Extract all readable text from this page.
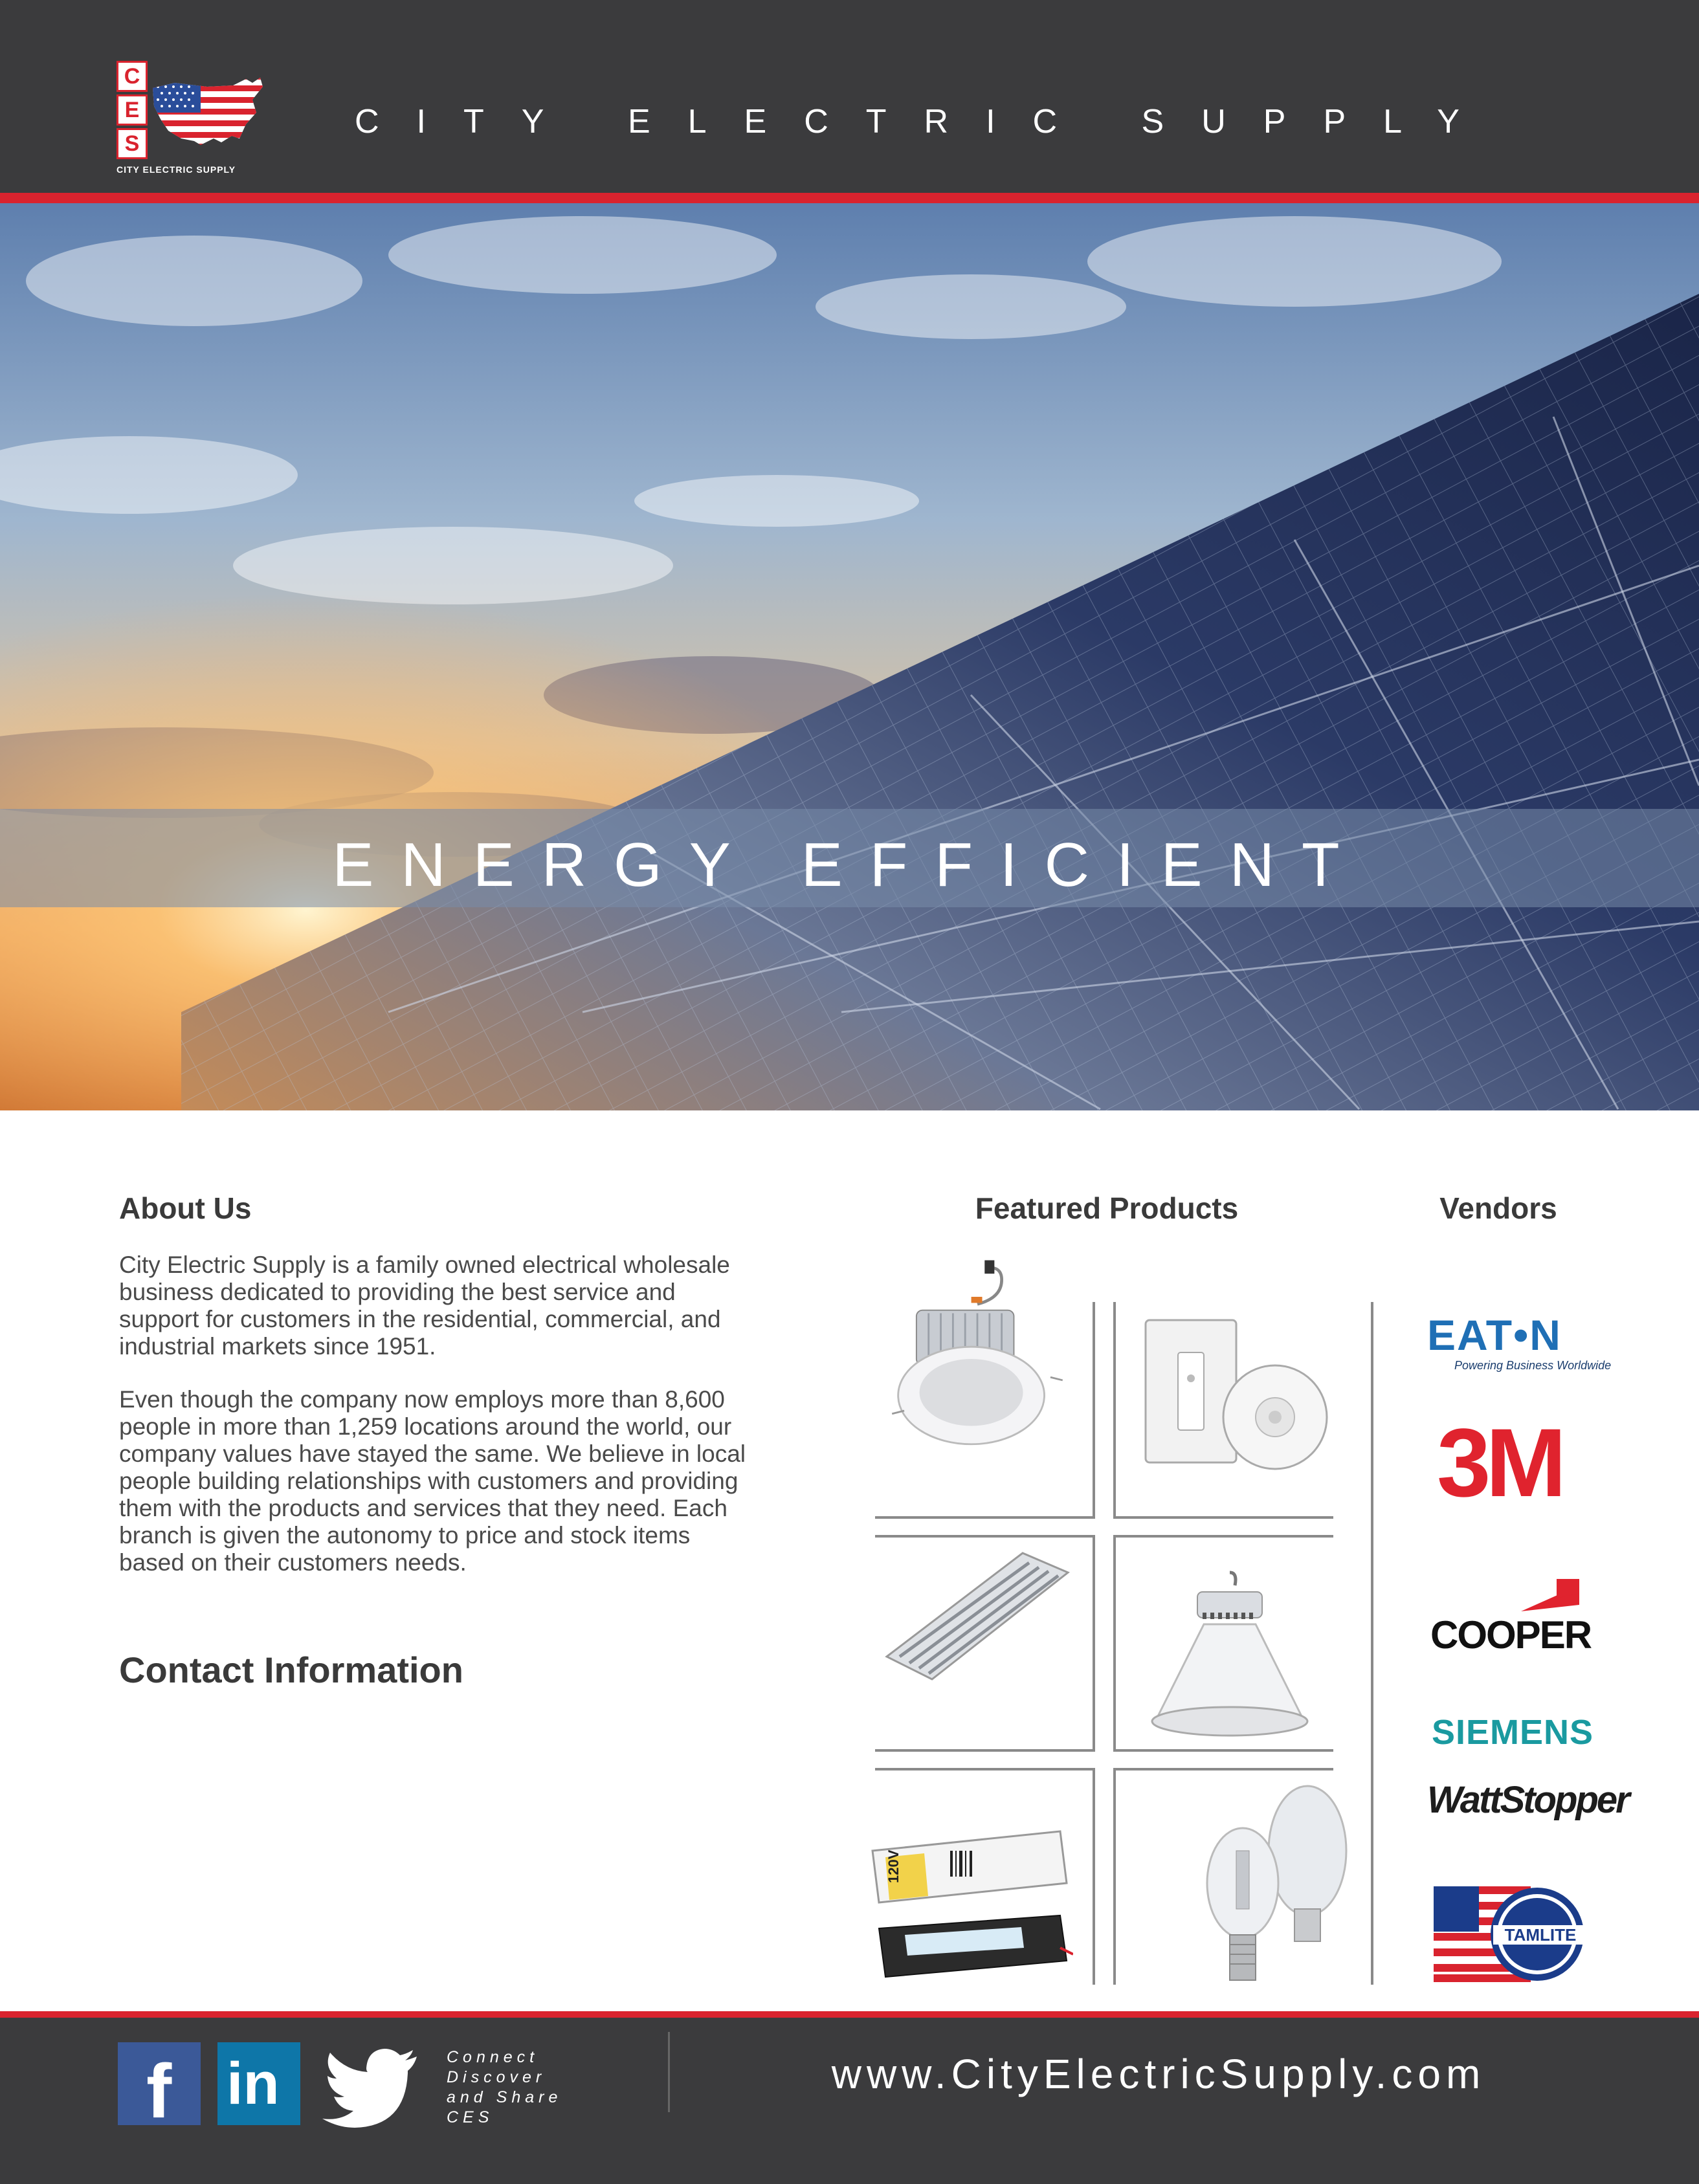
C
E
S
CITY ELECTRIC SUPPLY
CITY ELECTRIC SUPPLY
ENERGY EFFICIENT
About Us

City Electric Supply is a family owned electrical wholesale business dedicated to providing the best service and support for customers in the residential, commercial, and industrial markets since 1951.

Even though the company now employs more than 8,600 people in more than 1,259 locations around the world, our company values have stayed the same. We believe in local people building relationships with customers and providing them with the products and services that they need. Each branch is given the autonomy to price and stock items based on their customers needs.

Contact Information
Featured Products	Vendors
120V
EAT•N
Powering Business Worldwide
3M
COOPER
SIEMENS
WattStopper
TAMLITE
f in	Connect
Discover
and Share
CES
www.CityElectricSupply.com
